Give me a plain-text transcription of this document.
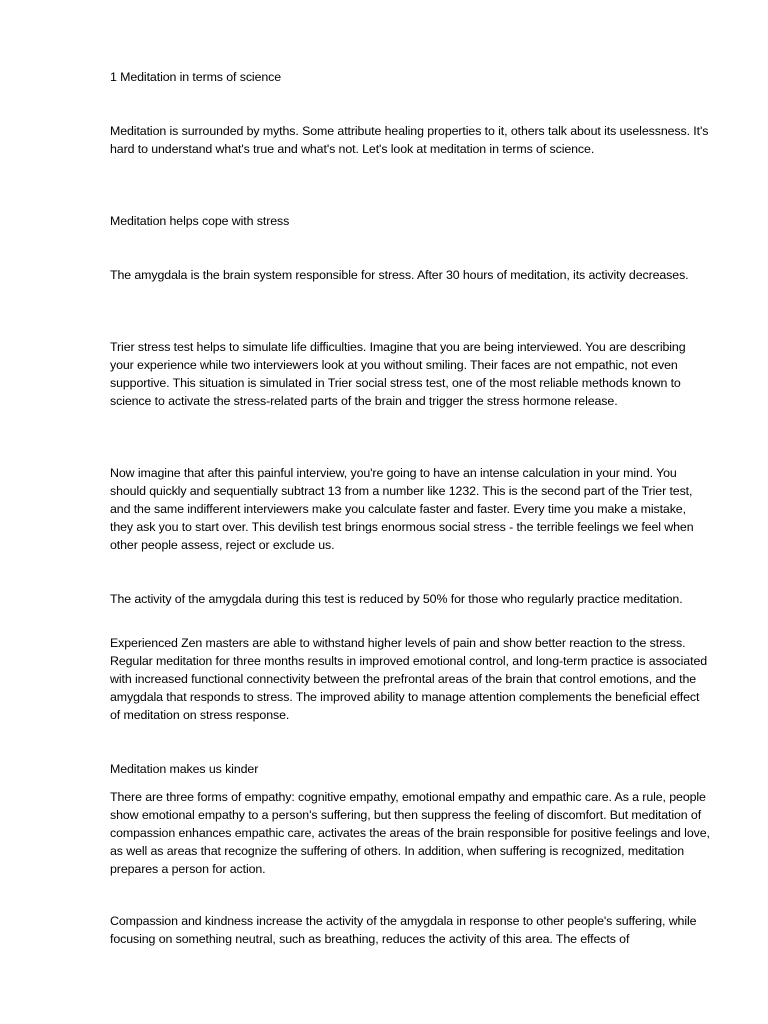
1 Meditation in terms of science

Meditation is surrounded by myths. Some attribute healing properties to it, others talk about its uselessness. It's hard to understand what's true and what's not. Let's look at meditation in terms of science.

Meditation helps cope with stress

The amygdala is the brain system responsible for stress. After 30 hours of meditation, its activity decreases.

Trier stress test helps to simulate life difficulties. Imagine that you are being interviewed. You are describing your experience while two interviewers look at you without smiling. Their faces are not empathic, not even supportive. This situation is simulated in Trier social stress test, one of the most reliable methods known to science to activate the stress-related parts of the brain and trigger the stress hormone release.

Now imagine that after this painful interview, you're going to have an intense calculation in your mind. You should quickly and sequentially subtract 13 from a number like 1232. This is the second part of the Trier test, and the same indifferent interviewers make you calculate faster and faster. Every time you make a mistake, they ask you to start over. This devilish test brings enormous social stress - the terrible feelings we feel when other people assess, reject or exclude us.

The activity of the amygdala during this test is reduced by 50% for those who regularly practice meditation.

Experienced Zen masters are able to withstand higher levels of pain and show better reaction to the stress. Regular meditation for three months results in improved emotional control, and long-term practice is associated with increased functional connectivity between the prefrontal areas of the brain that control emotions, and the amygdala that responds to stress. The improved ability to manage attention complements the beneficial effect of meditation on stress response.

Meditation makes us kinder

There are three forms of empathy: cognitive empathy, emotional empathy and empathic care. As a rule, people show emotional empathy to a person's suffering, but then suppress the feeling of discomfort. But meditation of compassion enhances empathic care, activates the areas of the brain responsible for positive feelings and love, as well as areas that recognize the suffering of others. In addition, when suffering is recognized, meditation prepares a person for action.

Compassion and kindness increase the activity of the amygdala in response to other people's suffering, while focusing on something neutral, such as breathing, reduces the activity of this area. The effects of
